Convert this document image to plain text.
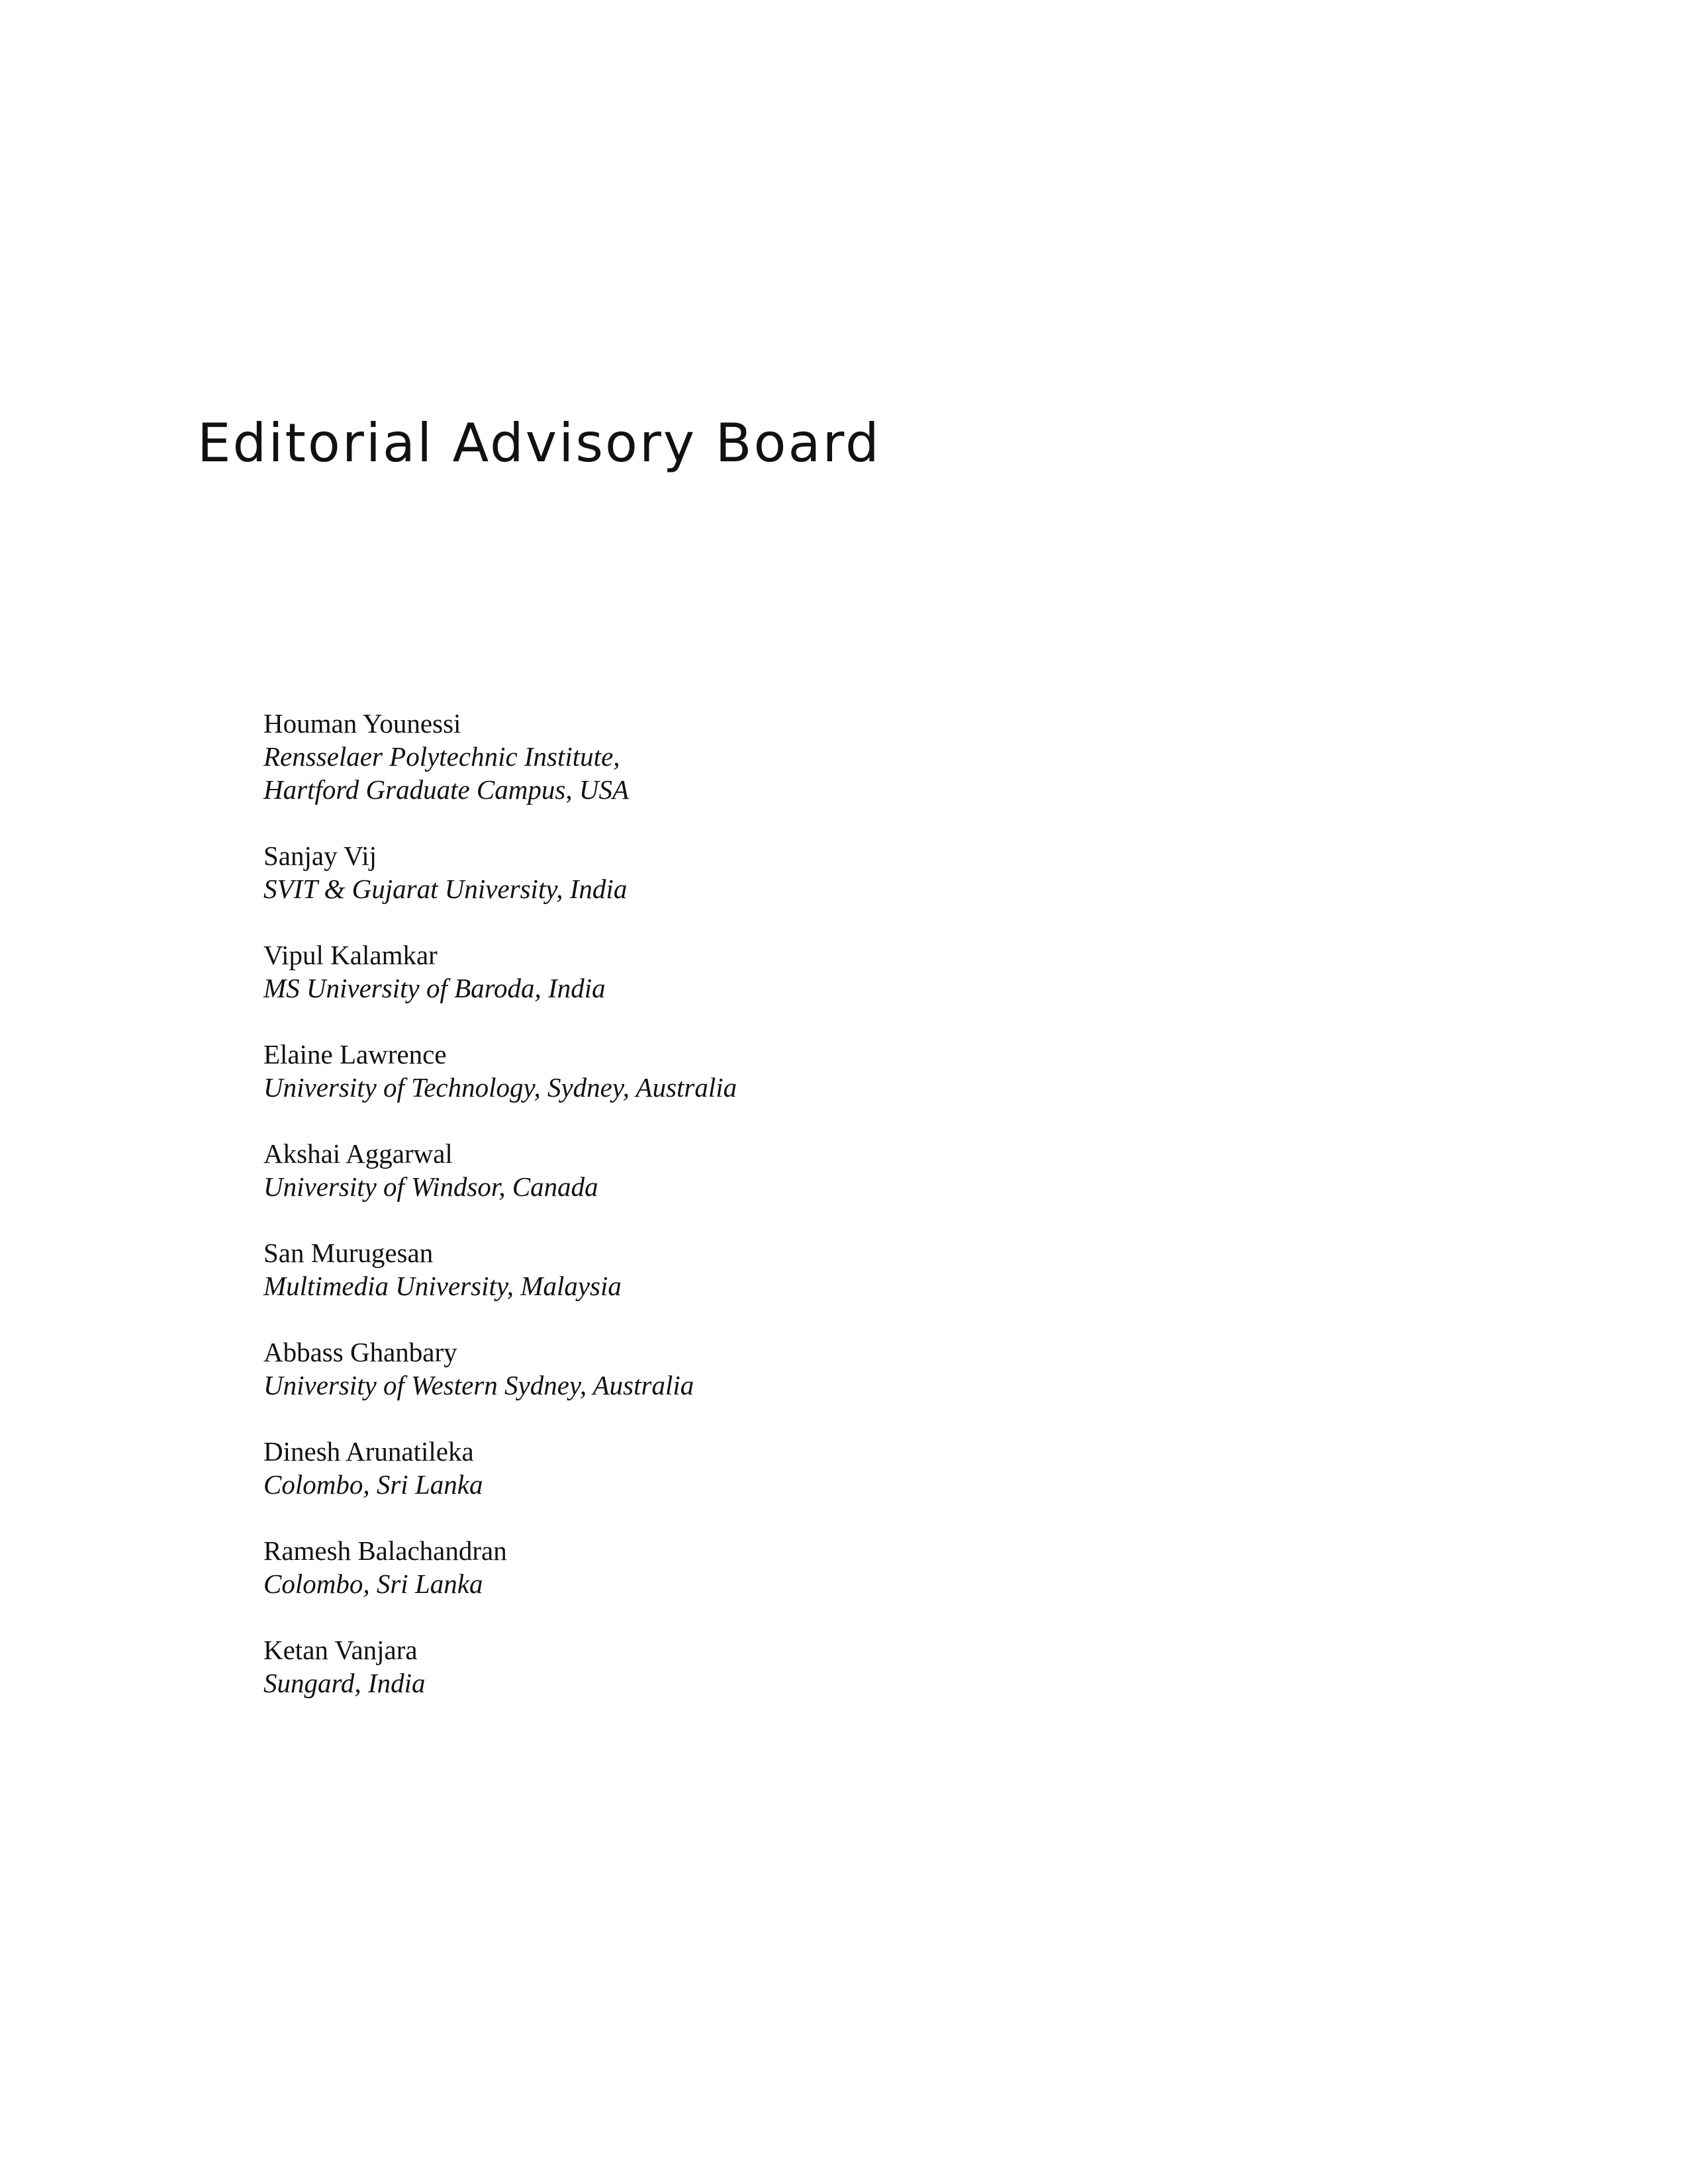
Editorial Advisory Board
Houman Younessi
Rensselaer Polytechnic Institute,
Hartford Graduate Campus, USA
Sanjay Vij
SVIT & Gujarat University, India
Vipul Kalamkar
MS University of Baroda, India
Elaine Lawrence
University of Technology, Sydney, Australia
Akshai Aggarwal
University of Windsor, Canada
San Murugesan
Multimedia University, Malaysia
Abbass Ghanbary
University of Western Sydney, Australia
Dinesh Arunatileka
Colombo, Sri Lanka
Ramesh Balachandran
Colombo, Sri Lanka
Ketan Vanjara
Sungard, India
